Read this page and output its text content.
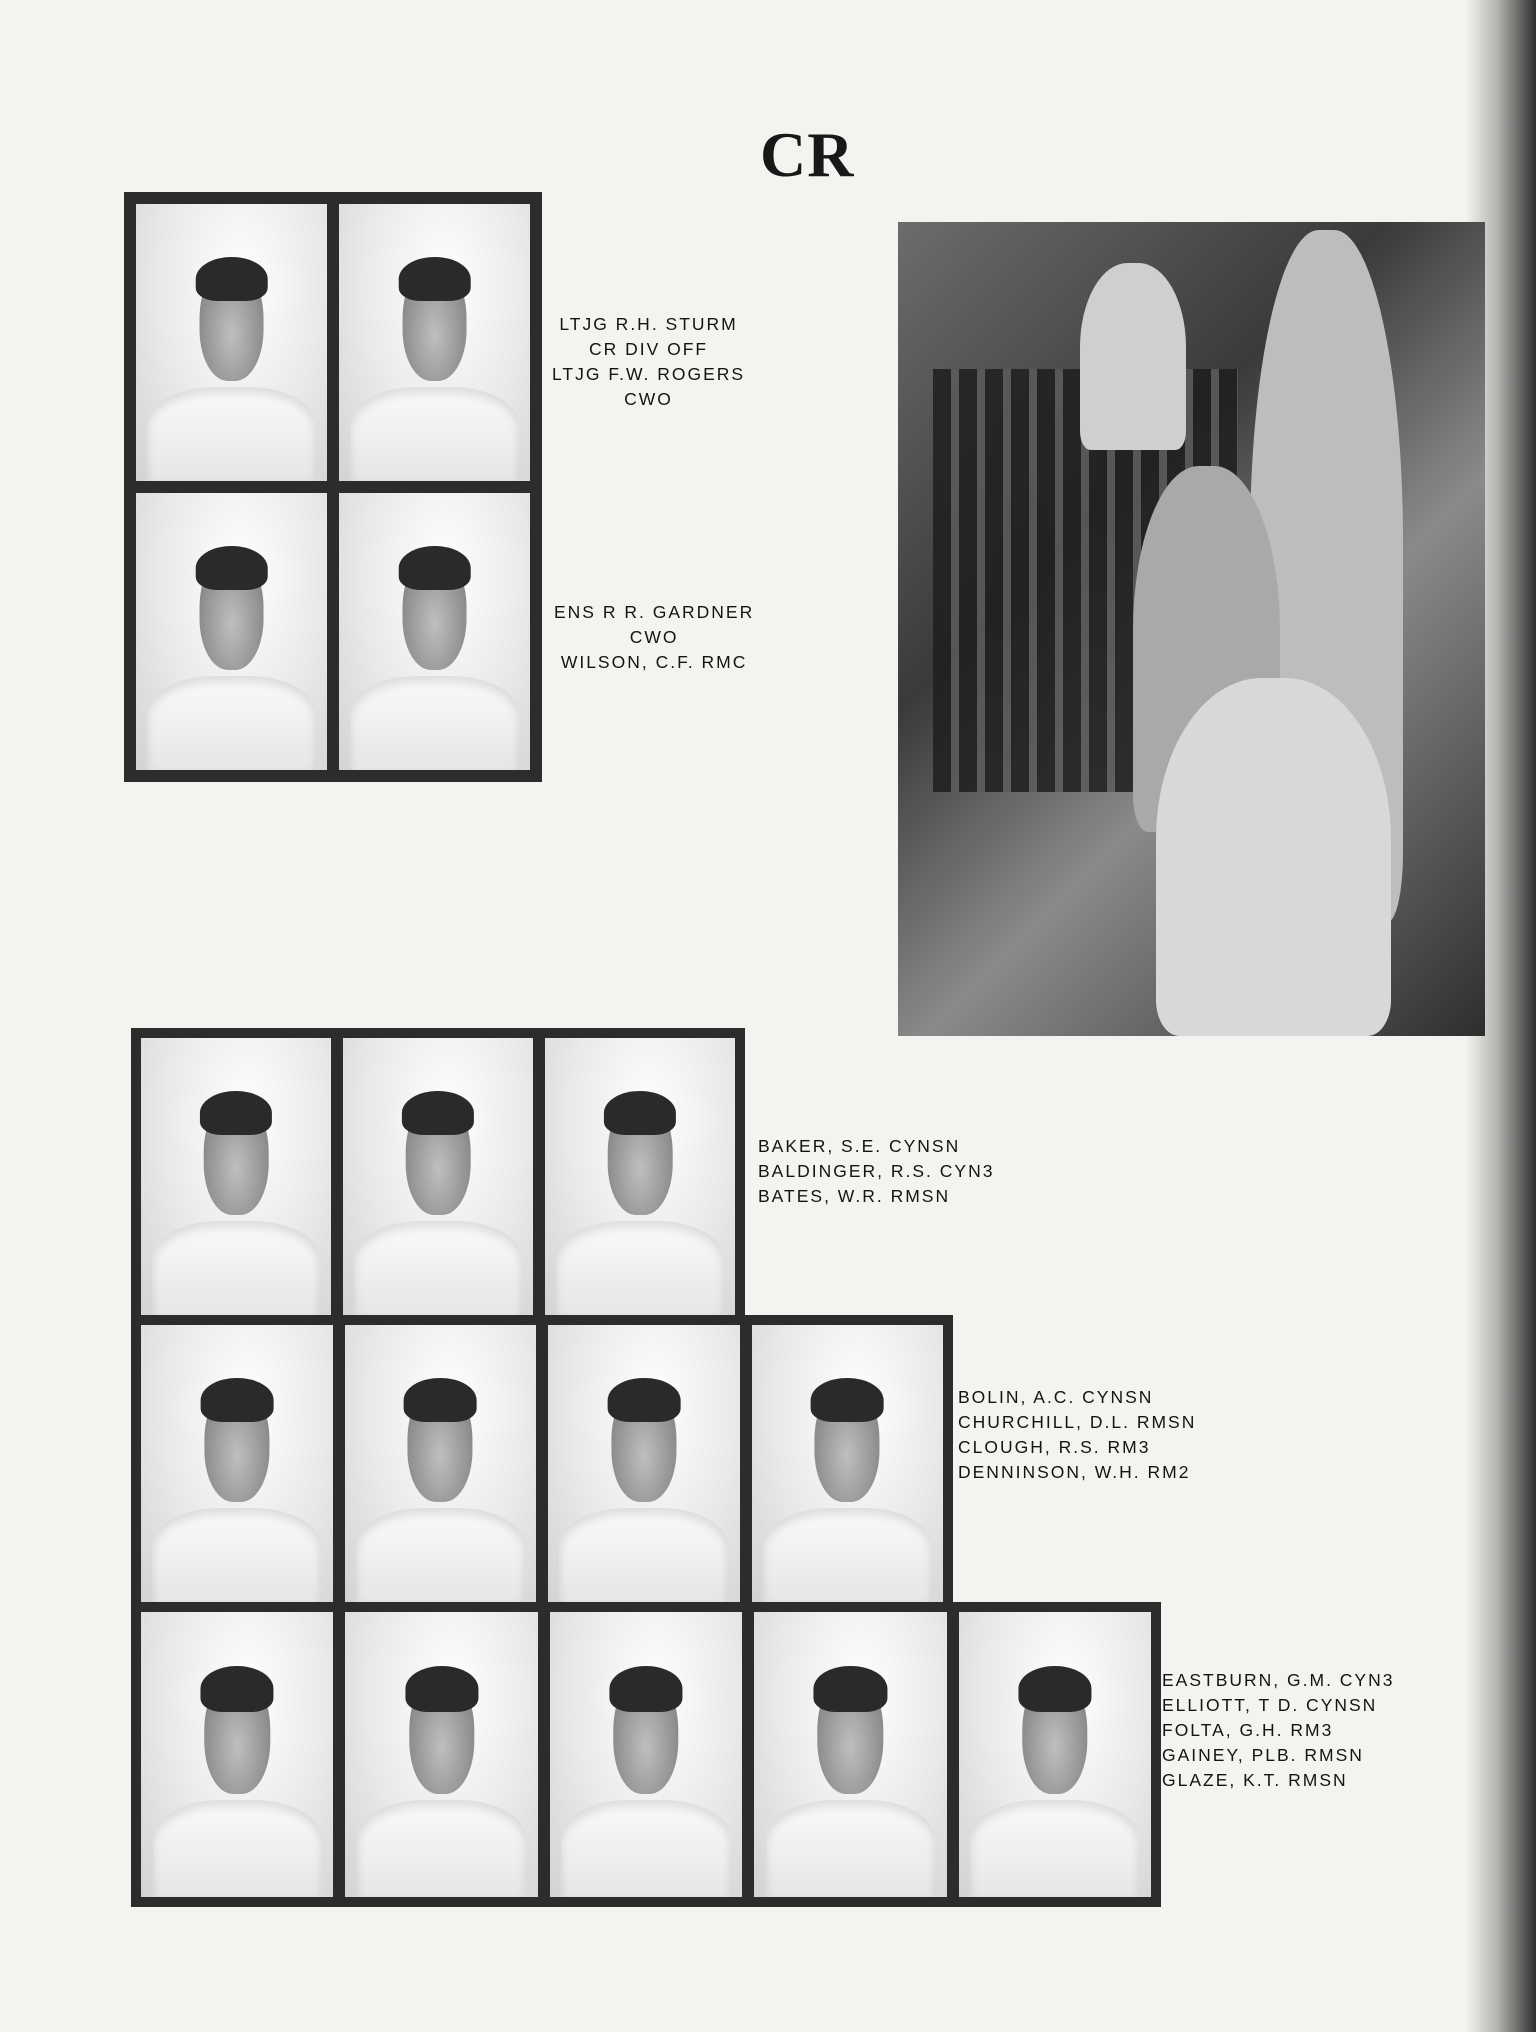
CR
LTJG R.H. STURM
CR DIV OFF
LTJG F.W. ROGERS
CWO
ENS R R. GARDNER
CWO
WILSON, C.F. RMC
BAKER, S.E. CYNSN
BALDINGER, R.S. CYN3
BATES, W.R. RMSN
BOLIN, A.C. CYNSN
CHURCHILL, D.L. RMSN
CLOUGH, R.S. RM3
DENNINSON, W.H. RM2
EASTBURN, G.M. CYN3
ELLIOTT, T D. CYNSN
FOLTA, G.H. RM3
GAINEY, PLB. RMSN
GLAZE, K.T. RMSN
